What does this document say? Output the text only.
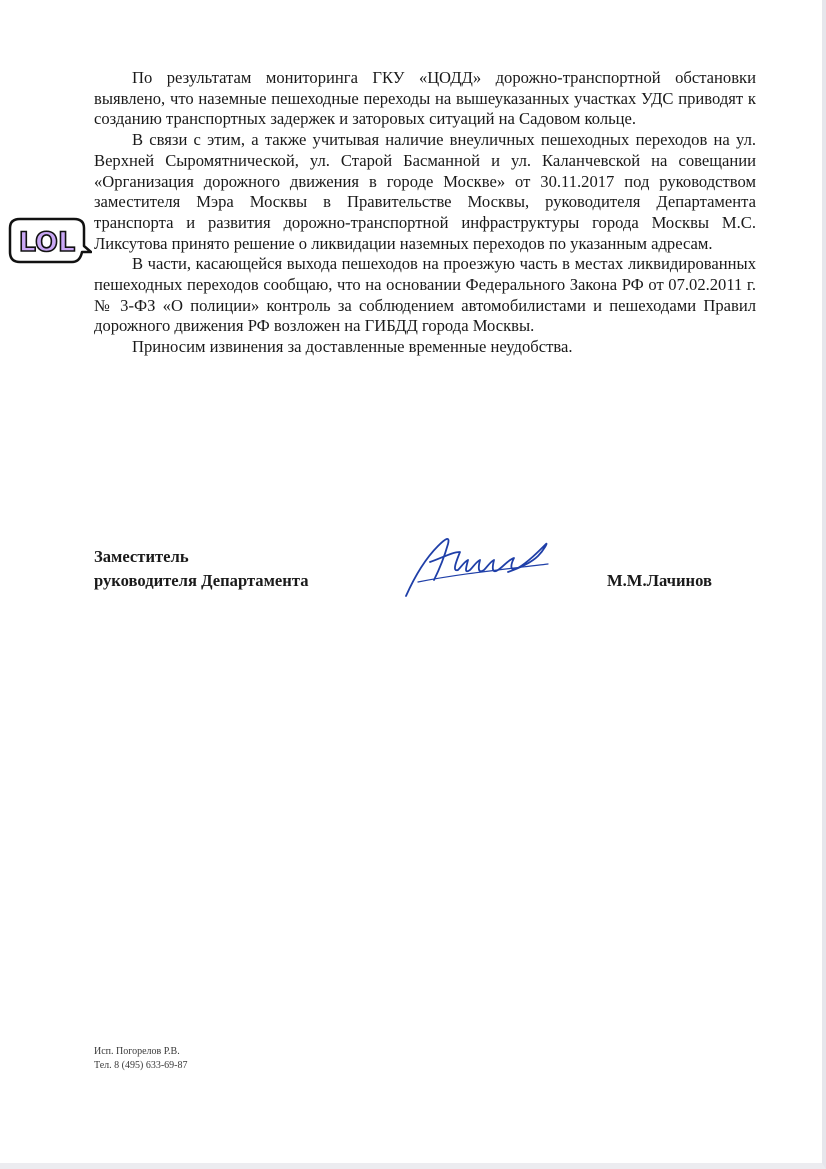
По результатам мониторинга ГКУ «ЦОДД» дорожно-транспортной обстановки выявлено, что наземные пешеходные переходы на вышеуказанных участках УДС приводят к созданию транспортных задержек и заторовых ситуаций на Садовом кольце.

В связи с этим, а также учитывая наличие внеуличных пешеходных переходов на ул. Верхней Сыромятнической, ул. Старой Басманной и ул. Каланчевской на совещании «Организация дорожного движения в городе Москве» от 30.11.2017 под руководством заместителя Мэра Москвы в Правительстве Москвы, руководителя Департамента транспорта и развития дорожно-транспортной инфраструктуры города Москвы М.С. Ликсутова принято решение о ликвидации наземных переходов по указанным адресам.

В части, касающейся выхода пешеходов на проезжую часть в местах ликвидированных пешеходных переходов сообщаю, что на основании Федерального Закона РФ от 07.02.2011 г. № 3-ФЗ «О полиции» контроль за соблюдением автомобилистами и пешеходами Правил дорожного движения РФ возложен на ГИБДД города Москвы.

Приносим извинения за доставленные временные неудобства.

LOL
Заместитель
руководителя Департамента	М.М.Лачинов
Исп. Погорелов Р.В.
Тел. 8 (495) 633-69-87
